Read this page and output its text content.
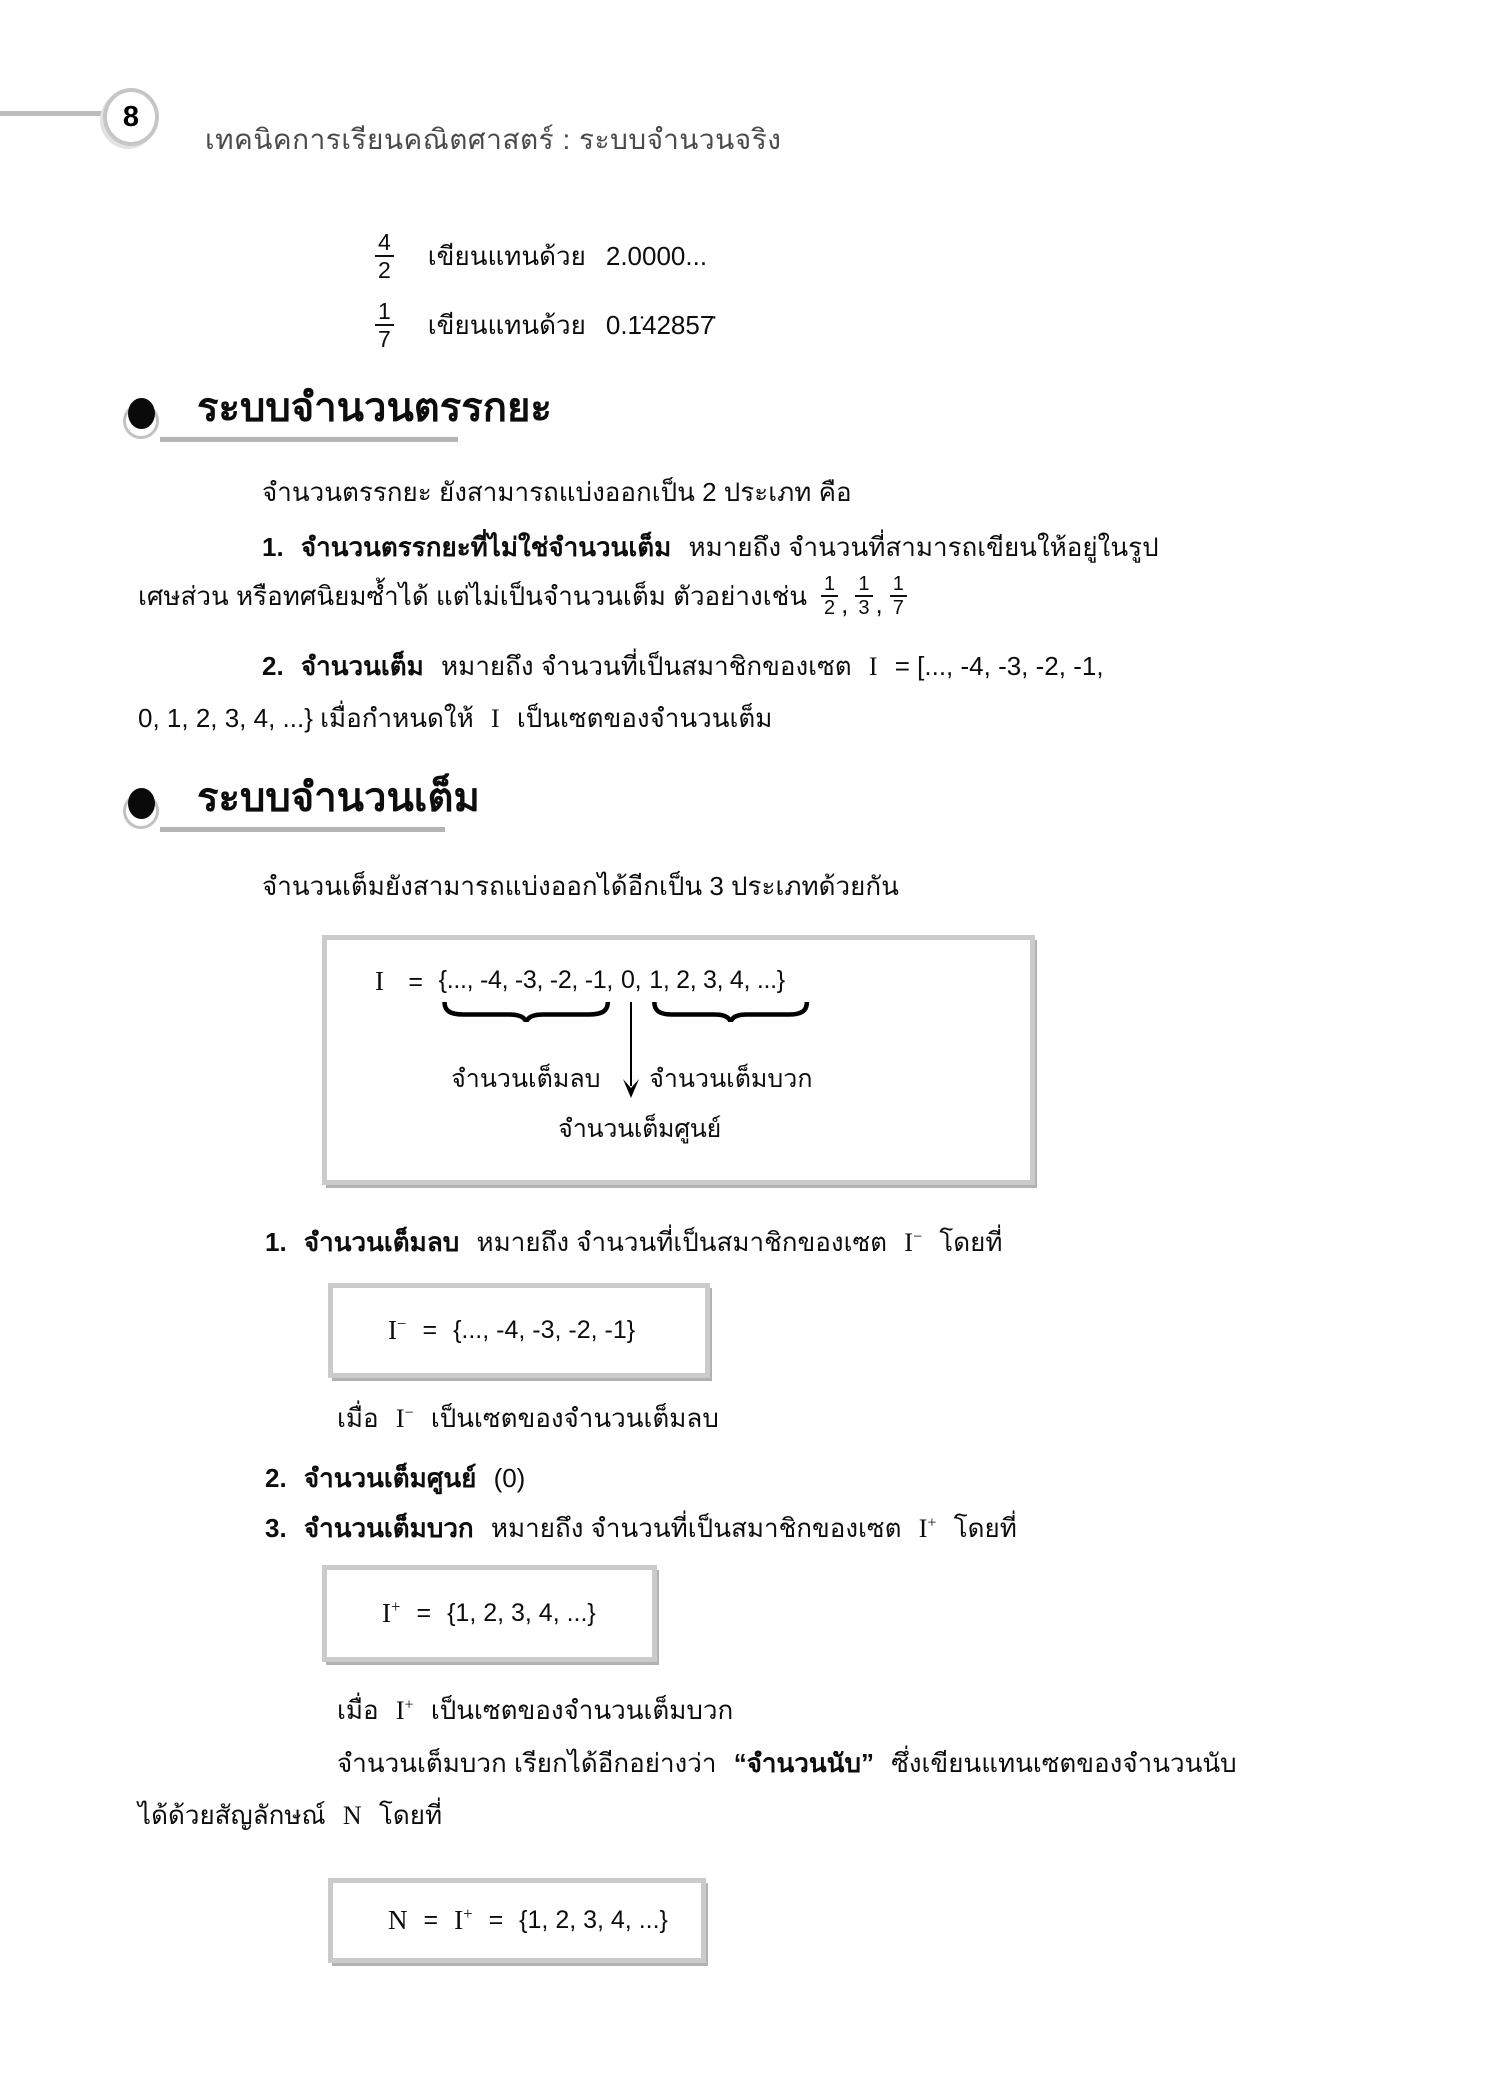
8
เทคนิคการเรียนคณิตศาสตร์ : ระบบจำนวนจริง
$\frac{4}{2}$ เขียนแทนด้วย 2.0000...
$\frac{1}{7}$ เขียนแทนด้วย 0.1̇42857̇
ระบบจำนวนตรรกยะ
จำนวนตรรกยะ ยังสามารถแบ่งออกเป็น 2 ประเภท คือ
1. จำนวนตรรกยะที่ไม่ใช่จำนวนเต็ม หมายถึง จำนวนที่สามารถเขียนให้อยู่ในรูป
เศษส่วน หรือทศนิยมซ้ำได้ แต่ไม่เป็นจำนวนเต็ม ตัวอย่างเช่น $\frac{1}{2}$ , $\frac{1}{3}$ , $\frac{1}{7}$
2. จำนวนเต็ม หมายถึง จำนวนที่เป็นสมาชิกของเซต I = [..., -4, -3, -2, -1,
0, 1, 2, 3, 4, ...} เมื่อกำหนดให้ I เป็นเซตของจำนวนเต็ม
ระบบจำนวนเต็ม
จำนวนเต็มยังสามารถแบ่งออกได้อีกเป็น 3 ประเภทด้วยกัน
I = {..., -4, -3, -2, -1, 0, 1, 2, 3, 4, ...}
จำนวนเต็มลบ	จำนวนเต็มบวก
จำนวนเต็มศูนย์
1. จำนวนเต็มลบ หมายถึง จำนวนที่เป็นสมาชิกของเซต I− โดยที่
I− = {..., -4, -3, -2, -1}
เมื่อ I− เป็นเซตของจำนวนเต็มลบ
2. จำนวนเต็มศูนย์ (0)
3. จำนวนเต็มบวก หมายถึง จำนวนที่เป็นสมาชิกของเซต I+ โดยที่
I+ = {1, 2, 3, 4, ...}
เมื่อ I+ เป็นเซตของจำนวนเต็มบวก
จำนวนเต็มบวก เรียกได้อีกอย่างว่า “จำนวนนับ” ซึ่งเขียนแทนเซตของจำนวนนับ
ได้ด้วยสัญลักษณ์ N โดยที่
N = I+ = {1, 2, 3, 4, ...}
